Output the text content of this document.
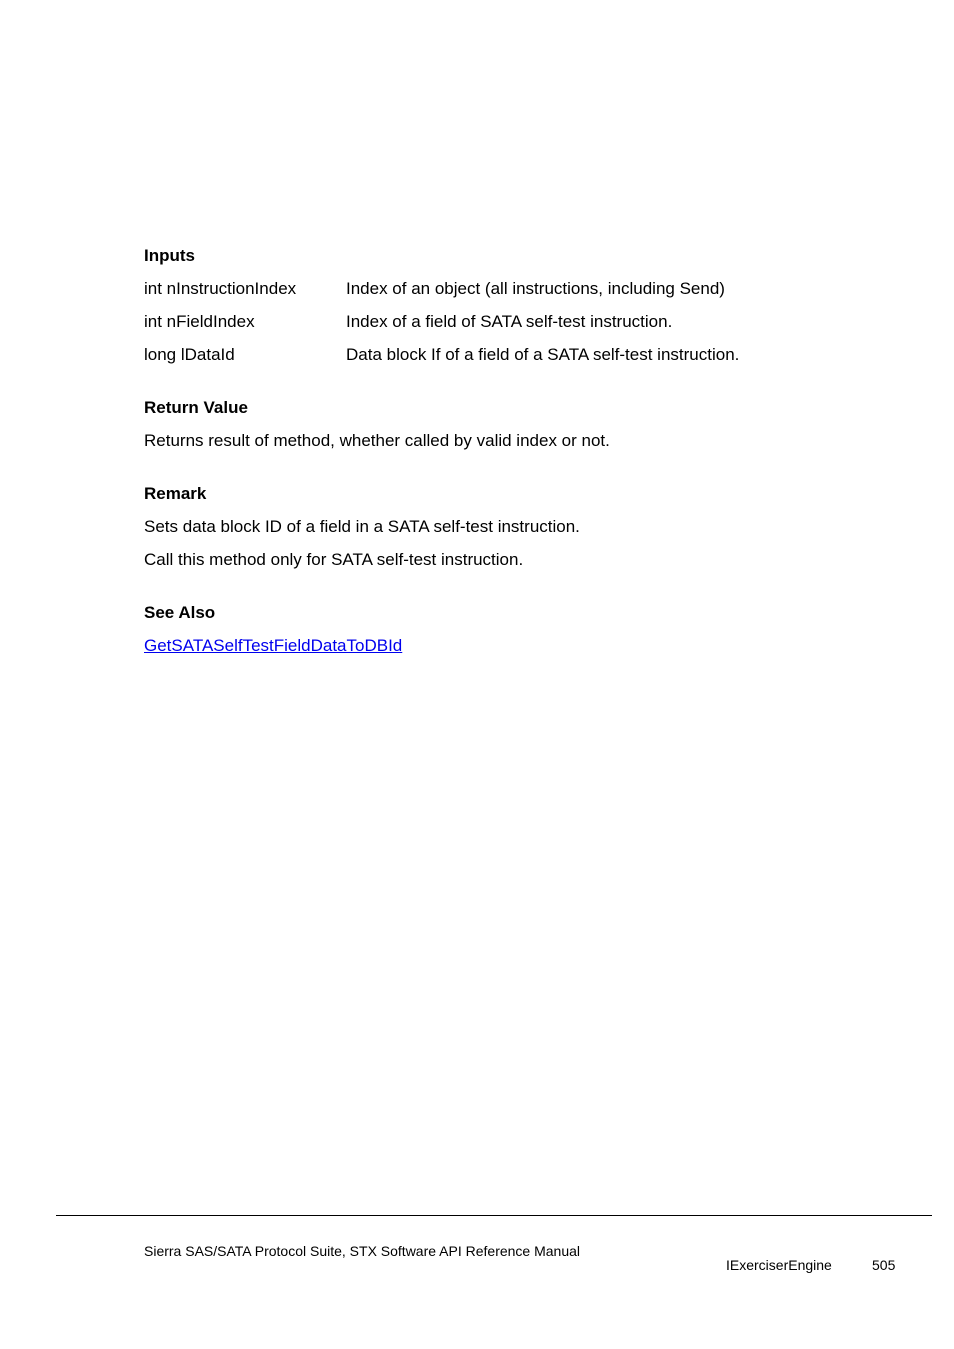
Inputs
int nInstructionIndex	Index of an object (all instructions, including Send)
int nFieldIndex	Index of a field of SATA self-test instruction.
long lDataId	Data block If of a field of a SATA self-test instruction.
Return Value

Returns result of method, whether called by valid index or not.

Remark

Sets data block ID of a field in a SATA self-test instruction.

Call this method only for SATA self-test instruction.

See Also

GetSATASelfTestFieldDataToDBId

Sierra SAS/SATA Protocol Suite, STX Software API Reference Manual
IExerciserEngine	505
